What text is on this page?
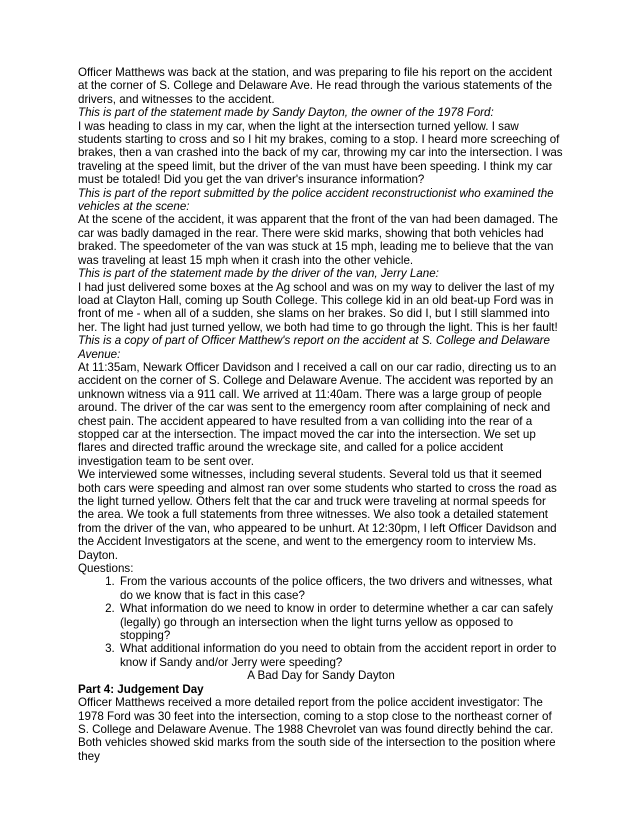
Officer Matthews was back at the station, and was preparing to file his report on the accident at the corner of S. College and Delaware Ave. He read through the various statements of the drivers, and witnesses to the accident.

This is part of the statement made by Sandy Dayton, the owner of the 1978 Ford:

I was heading to class in my car, when the light at the intersection turned yellow. I saw students starting to cross and so I hit my brakes, coming to a stop. I heard more screeching of brakes, then a van crashed into the back of my car, throwing my car into the intersection. I was traveling at the speed limit, but the driver of the van must have been speeding. I think my car must be totaled! Did you get the van driver's insurance information?

This is part of the report submitted by the police accident reconstructionist who examined the vehicles at the scene:

At the scene of the accident, it was apparent that the front of the van had been damaged. The car was badly damaged in the rear. There were skid marks, showing that both vehicles had braked. The speedometer of the van was stuck at 15 mph, leading me to believe that the van was traveling at least 15 mph when it crash into the other vehicle.

This is part of the statement made by the driver of the van, Jerry Lane:

I had just delivered some boxes at the Ag school and was on my way to deliver the last of my load at Clayton Hall, coming up South College. This college kid in an old beat-up Ford was in front of me - when all of a sudden, she slams on her brakes. So did I, but I still slammed into her. The light had just turned yellow, we both had time to go through the light. This is her fault!

This is a copy of part of Officer Matthew's report on the accident at S. College and Delaware Avenue:

At 11:35am, Newark Officer Davidson and I received a call on our car radio, directing us to an accident on the corner of S. College and Delaware Avenue. The accident was reported by an unknown witness via a 911 call. We arrived at 11:40am. There was a large group of people around. The driver of the car was sent to the emergency room after complaining of neck and chest pain. The accident appeared to have resulted from a van colliding into the rear of a stopped car at the intersection. The impact moved the car into the intersection. We set up flares and directed traffic around the wreckage site, and called for a police accident investigation team to be sent over.

We interviewed some witnesses, including several students. Several told us that it seemed both cars were speeding and almost ran over some students who started to cross the road as the light turned yellow. Others felt that the car and truck were traveling at normal speeds for the area. We took a full statements from three witnesses. We also took a detailed statement from the driver of the van, who appeared to be unhurt. At 12:30pm, I left Officer Davidson and the Accident Investigators at the scene, and went to the emergency room to interview Ms. Dayton.

Questions:

1. From the various accounts of the police officers, the two drivers and witnesses, what do we know that is fact in this case?
2. What information do we need to know in order to determine whether a car can safely (legally) go through an intersection when the light turns yellow as opposed to stopping?
3. What additional information do you need to obtain from the accident report in order to know if Sandy and/or Jerry were speeding?

A Bad Day for Sandy Dayton

Part 4: Judgement Day

Officer Matthews received a more detailed report from the police accident investigator: The 1978 Ford was 30 feet into the intersection, coming to a stop close to the northeast corner of S. College and Delaware Avenue. The 1988 Chevrolet van was found directly behind the car. Both vehicles showed skid marks from the south side of the intersection to the position where they
